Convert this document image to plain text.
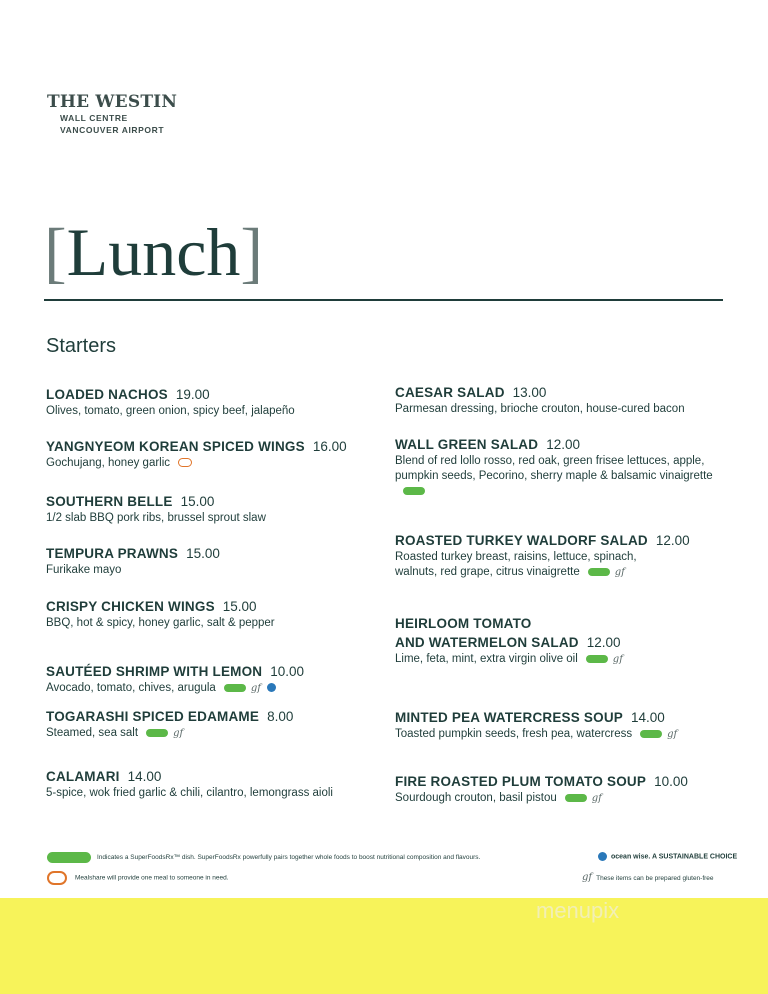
THE WESTIN
WALL CENTRE
VANCOUVER AIRPORT
[Lunch]
Starters
LOADED NACHOS 19.00
Olives, tomato, green onion, spicy beef, jalapeño
YANGNYEOM KOREAN SPICED WINGS 16.00
Gochujang, honey garlic
SOUTHERN BELLE 15.00
1/2 slab BBQ pork ribs, brussel sprout slaw
TEMPURA PRAWNS 15.00
Furikake mayo
CRISPY CHICKEN WINGS 15.00
BBQ, hot & spicy, honey garlic, salt & pepper
SAUTÉED SHRIMP WITH LEMON 10.00
Avocado, tomato, chives, arugula	gf
TOGARASHI SPICED EDAMAME 8.00
Steamed, sea salt	gf
CALAMARI 14.00
5-spice, wok fried garlic & chili, cilantro, lemongrass aioli
CAESAR SALAD 13.00
Parmesan dressing, brioche crouton, house-cured bacon
WALL GREEN SALAD 12.00
Blend of red lollo rosso, red oak, green frisee lettuces, apple, pumpkin seeds, Pecorino, sherry maple & balsamic vinaigrette
ROASTED TURKEY WALDORF SALAD 12.00
Roasted turkey breast, raisins, lettuce, spinach, walnuts, red grape, citrus vinaigrette	gf
HEIRLOOM TOMATO
AND WATERMELON SALAD 12.00
Lime, feta, mint, extra virgin olive oil	gf
MINTED PEA WATERCRESS SOUP 14.00
Toasted pumpkin seeds, fresh pea, watercress	gf
FIRE ROASTED PLUM TOMATO SOUP 10.00
Sourdough crouton, basil pistou	gf
Indicates a SuperFoodsRx™ dish. SuperFoodsRx powerfully pairs together whole foods to boost nutritional composition and flavours.
Mealshare will provide one meal to someone in need.
ocean wise. A SUSTAINABLE CHOICE
gf These items can be prepared gluten-free
menupix
